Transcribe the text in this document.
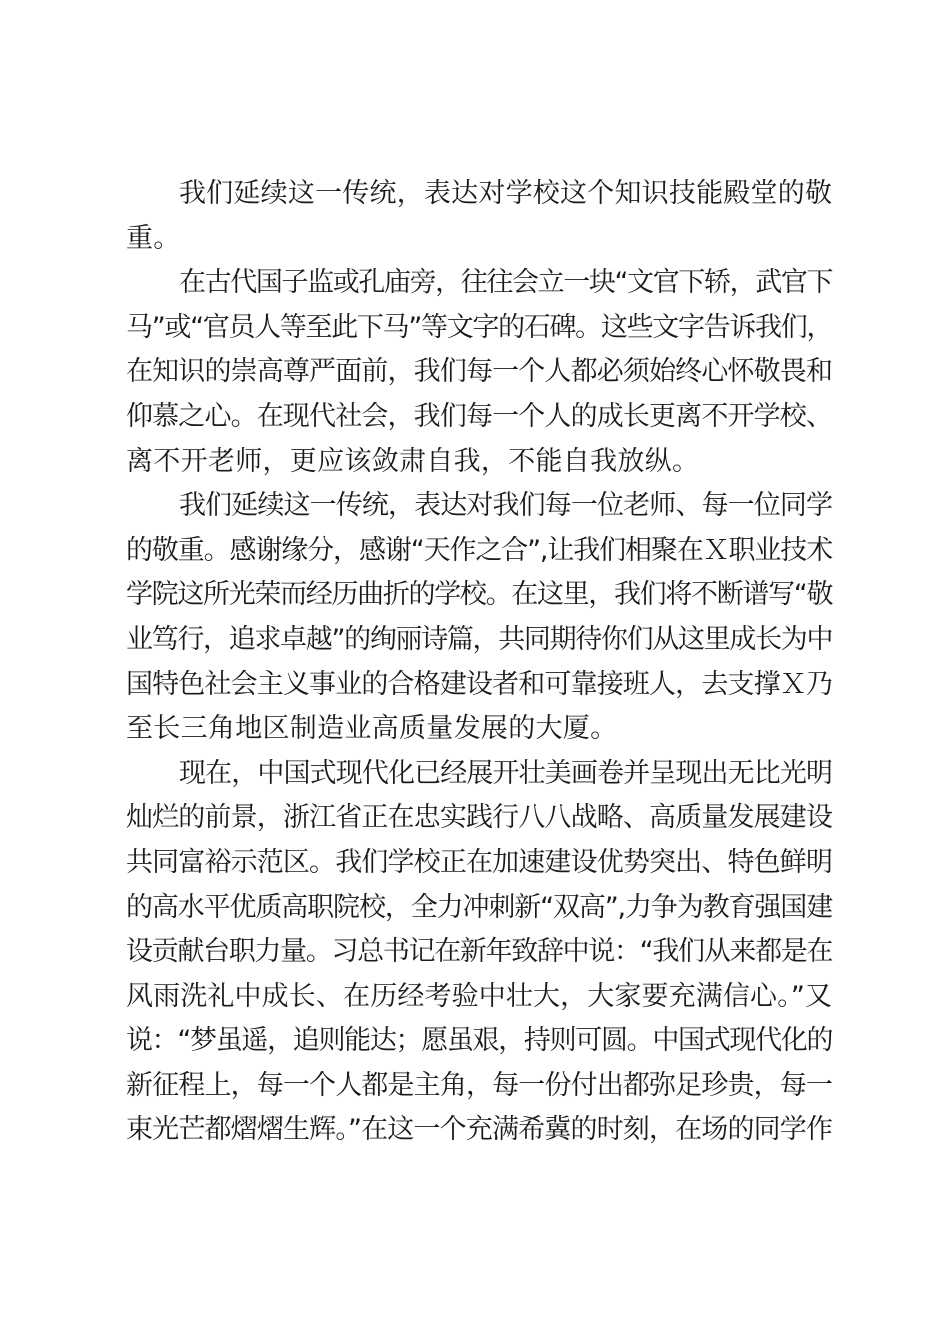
我们延续这一传统，表达对学校这个知识技能殿堂的敬
重。
在古代国子监或孔庙旁，往往会立一块“文官下轿，武官下
马”或“官员人等至此下马”等文字的石碑。这些文字告诉我们，
在知识的崇高尊严面前，我们每一个人都必须始终心怀敬畏和
仰慕之心。在现代社会，我们每一个人的成长更离不开学校、
离不开老师，更应该敛肃自我，不能自我放纵。
我们延续这一传统，表达对我们每一位老师、每一位同学
的敬重。感谢缘分，感谢“天作之合”,让我们相聚在Ｘ职业技术
学院这所光荣而经历曲折的学校。在这里，我们将不断谱写“敬
业笃行，追求卓越”的绚丽诗篇，共同期待你们从这里成长为中
国特色社会主义事业的合格建设者和可靠接班人，去支撑Ｘ乃
至长三角地区制造业高质量发展的大厦。
现在，中国式现代化已经展开壮美画卷并呈现出无比光明
灿烂的前景，浙江省正在忠实践行八八战略、高质量发展建设
共同富裕示范区。我们学校正在加速建设优势突出、特色鲜明
的高水平优质高职院校，全力冲刺新“双高”,力争为教育强国建
设贡献台职力量。习总书记在新年致辞中说：“我们从来都是在
风雨洗礼中成长、在历经考验中壮大，大家要充满信心。”又
说：“梦虽遥，追则能达；愿虽艰，持则可圆。中国式现代化的
新征程上，每一个人都是主角，每一份付出都弥足珍贵，每一
束光芒都熠熠生辉。”在这一个充满希冀的时刻，在场的同学作
